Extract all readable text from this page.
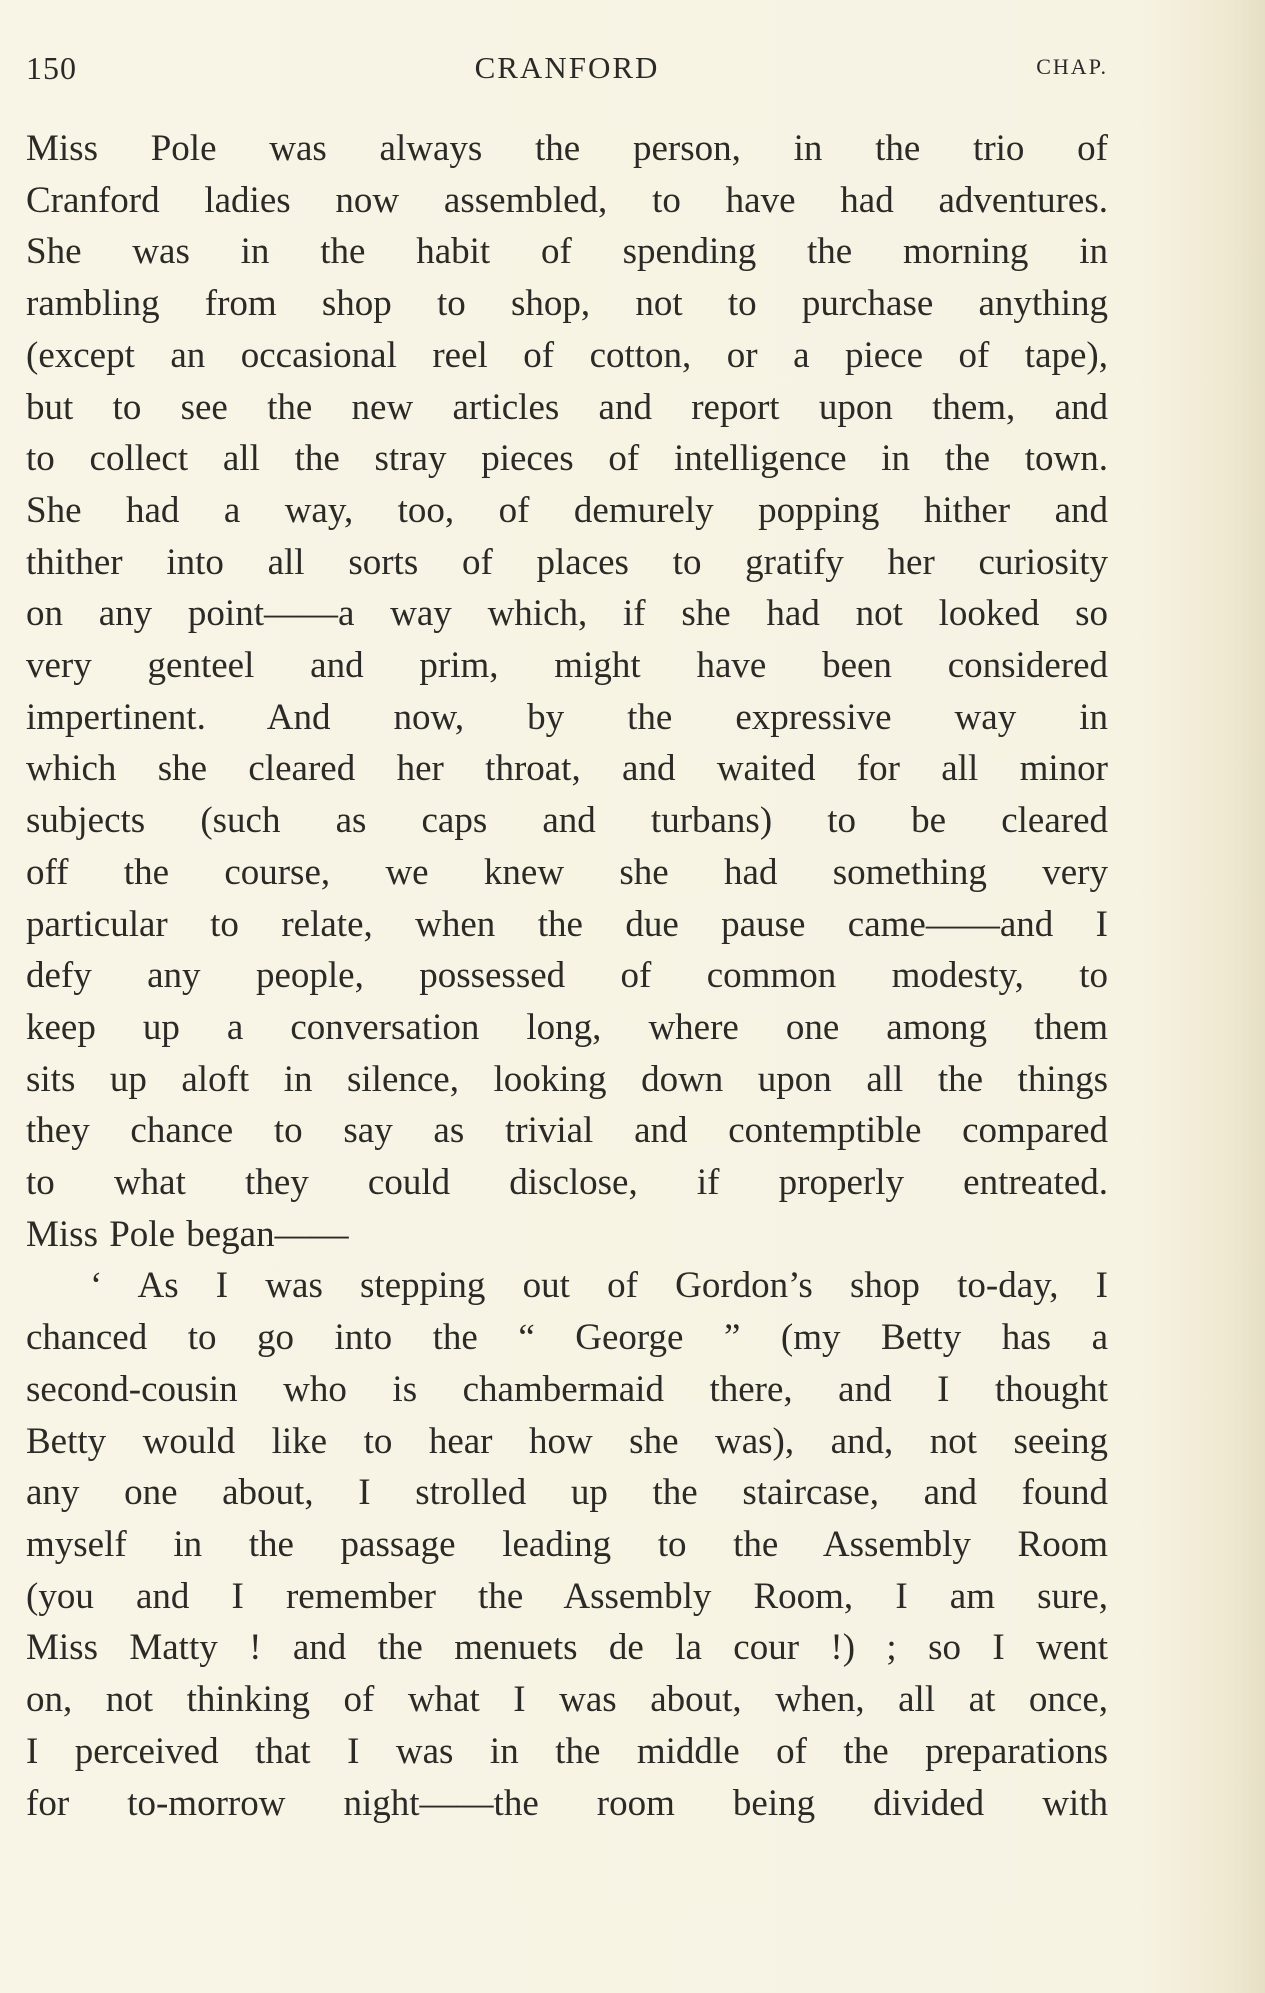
150	CRANFORD	CHAP.

Miss Pole was always the person, in the trio of

Cranford ladies now assembled, to have had adventures.

She was in the habit of spending the morning in

rambling from shop to shop, not to purchase anything

(except an occasional reel of cotton, or a piece of tape),

but to see the new articles and report upon them, and

to collect all the stray pieces of intelligence in the town.

She had a way, too, of demurely popping hither and

thither into all sorts of places to gratify her curiosity

on any point——a way which, if she had not looked so

very genteel and prim, might have been considered

impertinent. And now, by the expressive way in

which she cleared her throat, and waited for all minor

subjects (such as caps and turbans) to be cleared

off the course, we knew she had something very

particular to relate, when the due pause came——and I

defy any people, possessed of common modesty, to

keep up a conversation long, where one among them

sits up aloft in silence, looking down upon all the things

they chance to say as trivial and contemptible compared

to what they could disclose, if properly entreated.

Miss Pole began——

‘ As I was stepping out of Gordon’s shop to-day, I

chanced to go into the “ George ” (my Betty has a

second-cousin who is chambermaid there, and I thought

Betty would like to hear how she was), and, not seeing

any one about, I strolled up the staircase, and found

myself in the passage leading to the Assembly Room

(you and I remember the Assembly Room, I am sure,

Miss Matty ! and the menuets de la cour !) ; so I went

on, not thinking of what I was about, when, all at once,

I perceived that I was in the middle of the preparations

for to-morrow night——the room being divided with
